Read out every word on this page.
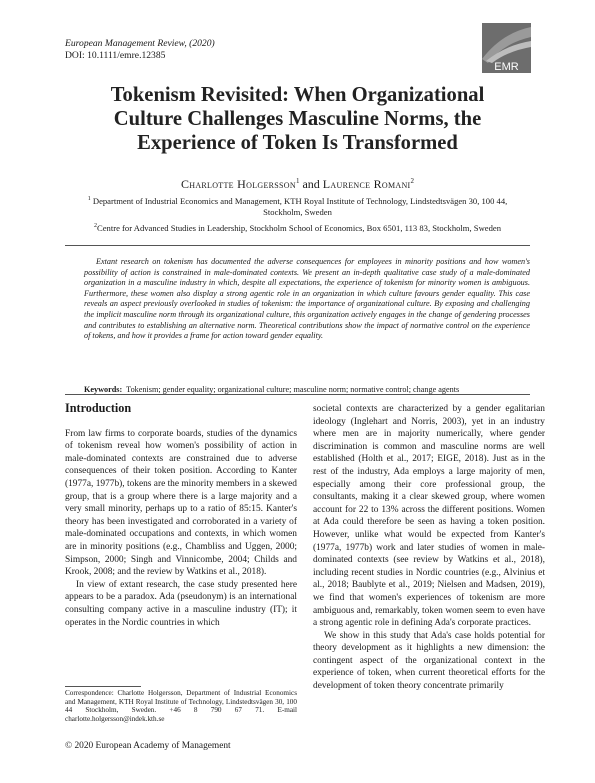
European Management Review, (2020)
DOI: 10.1111/emre.12385
EMR
Tokenism Revisited: When Organizational
Culture Challenges Masculine Norms, the
Experience of Token Is Transformed
Charlotte Holgersson$^1$ and Laurence Romani$^2$
$^1$ Department of Industrial Economics and Management, KTH Royal Institute of Technology, Lindstedtsvägen 30, 100 44,
Stockholm, Sweden
$^2$Centre for Advanced Studies in Leadership, Stockholm School of Economics, Box 6501, 113 83, Stockholm, Sweden
Extant research on tokenism has documented the adverse consequences for employees in minority positions and how women's possibility of action is constrained in male-dominated contexts. We present an in-depth qualitative case study of a male-dominated organization in a masculine industry in which, despite all expectations, the experience of tokenism for minority women is ambiguous. Furthermore, these women also display a strong agentic role in an organization in which culture favours gender equality. This case reveals an aspect previously overlooked in studies of tokenism: the importance of organizational culture. By exposing and challenging the implicit masculine norm through its organizational culture, this organization actively engages in the change of gendering processes and contributes to establishing an alternative norm. Theoretical contributions show the impact of normative control on the experience of tokens, and how it provides a frame for action toward gender equality.
Keywords: Tokenism; gender equality; organizational culture; masculine norm; normative control; change agents
Introduction

From law firms to corporate boards, studies of the dynamics of tokenism reveal how women's possibility of action in male-dominated contexts are constrained due to adverse consequences of their token position. According to Kanter (1977a, 1977b), tokens are the minority members in a skewed group, that is a group where there is a large majority and a very small minority, perhaps up to a ratio of 85:15. Kanter's theory has been investigated and corroborated in a variety of male-dominated occupations and contexts, in which women are in minority positions (e.g., Chambliss and Uggen, 2000; Simpson, 2000; Singh and Vinnicombe, 2004; Childs and Krook, 2008; and the review by Watkins et al., 2018).

In view of extant research, the case study presented here appears to be a paradox. Ada (pseudonym) is an international consulting company active in a masculine industry (IT); it operates in the Nordic countries in which

societal contexts are characterized by a gender egalitarian ideology (Inglehart and Norris, 2003), yet in an industry where men are in majority numerically, where gender discrimination is common and masculine norms are well established (Holth et al., 2017; EIGE, 2018). Just as in the rest of the industry, Ada employs a large majority of men, especially among their core professional group, the consultants, making it a clear skewed group, where women account for 22 to 13% across the different positions. Women at Ada could therefore be seen as having a token position. However, unlike what would be expected from Kanter's (1977a, 1977b) work and later studies of women in male-dominated contexts (see review by Watkins et al., 2018), including recent studies in Nordic countries (e.g., Alvinius et al., 2018; Baublyte et al., 2019; Nielsen and Madsen, 2019), we find that women's experiences of tokenism are more ambiguous and, remarkably, token women seem to even have a strong agentic role in defining Ada's corporate practices.

We show in this study that Ada's case holds potential for theory development as it highlights a new dimension: the contingent aspect of the organizational context in the experience of token, when current theoretical efforts for the development of token theory concentrate primarily

Correspondence: Charlotte Holgersson, Department of Industrial Economics and Management, KTH Royal Institute of Technology, Lindstedtsvägen 30, 100 44 Stockholm, Sweden. +46 8 790 67 71. E-mail charlotte.holgersson@indek.kth.se
© 2020 European Academy of Management
